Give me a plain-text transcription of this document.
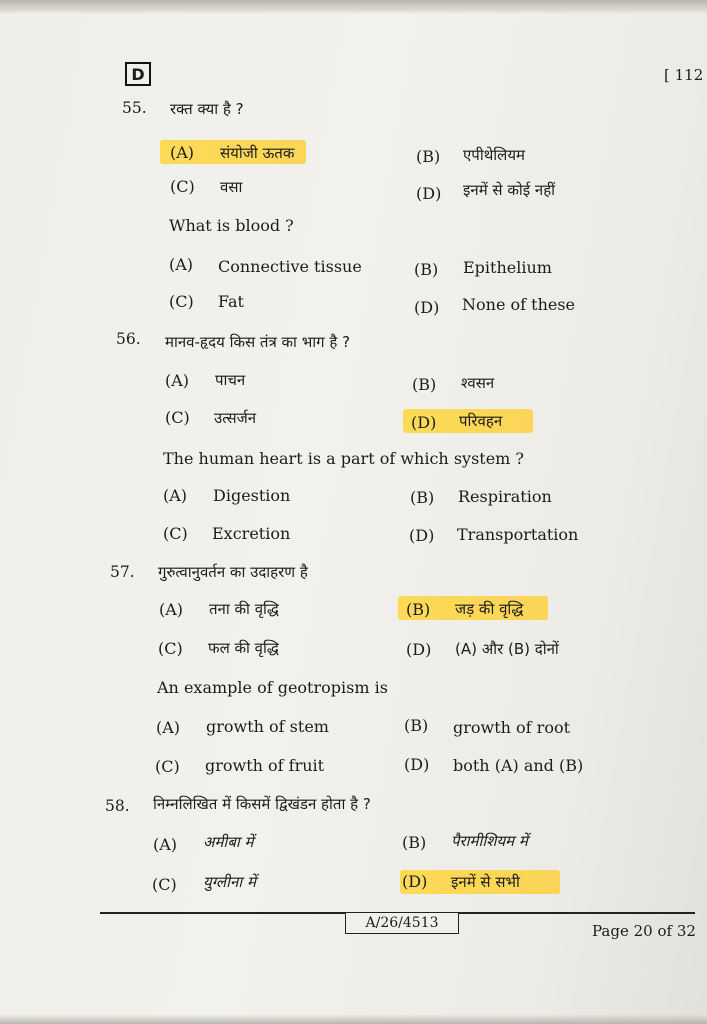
D	[ 112
55. रक्त क्या है ?
(A) संयोजी ऊतक	(B) एपीथेलियम
(C) वसा	(D) इनमें से कोई नहीं
What is blood ?
(A) Connective tissue	(B) Epithelium
(C) Fat	(D) None of these
56. मानव-हृदय किस तंत्र का भाग है ?
(A) पाचन	(B) श्वसन
(C) उत्सर्जन	(D) परिवहन
The human heart is a part of which system ?
(A) Digestion	(B) Respiration
(C) Excretion	(D) Transportation
57. गुरुत्वानुवर्तन का उदाहरण है
(A) तना की वृद्धि	(B) जड़ की वृद्धि
(C) फल की वृद्धि	(D) (A) और (B) दोनों
An example of geotropism is
(A) growth of stem	(B) growth of root
(C) growth of fruit	(D) both (A) and (B)
58. निम्नलिखित में किसमें द्विखंडन होता है ?
(A) अमीबा में	(B) पैरामीशियम में
(C) युग्लीना में	(D) इनमें से सभी
A/26/4513	Page 20 of 32
